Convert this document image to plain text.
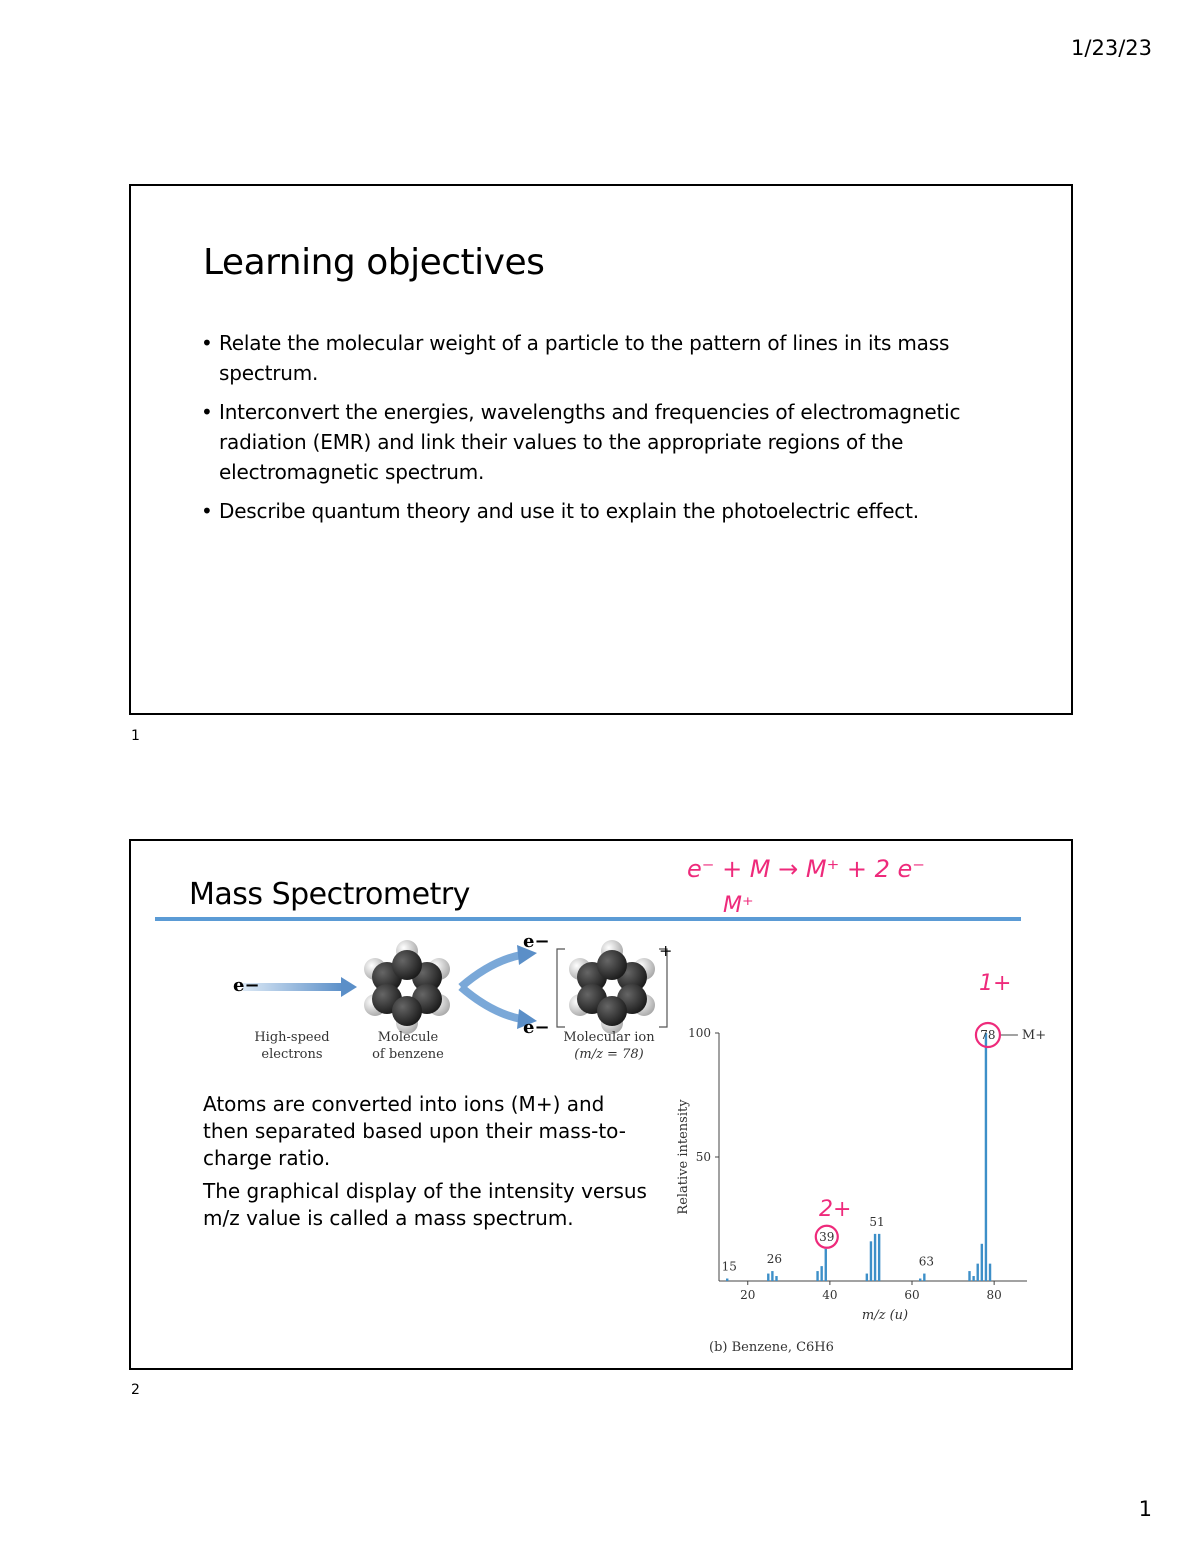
1/23/23
Learning objectives
• Relate the molecular weight of a particle to the pattern of lines in its mass spectrum.
• Interconvert the energies, wavelengths and frequencies of electromagnetic radiation (EMR) and link their values to the appropriate regions of the electromagnetic spectrum.
• Describe quantum theory and use it to explain the photoelectric effect.
1
Mass Spectrometry
e⁻ + M → M⁺ + 2 e⁻
M⁺
1+
2+
e−
e−
e−
+
High-speed
electrons
Molecule
of benzene
Molecular ion
(m/z = 78)

Atoms are converted into ions (M+) and then separated based upon their mass-to-charge ratio.

The graphical display of the intensity versus m/z value is called a mass spectrum.

20	40	60	80
50
100
m/z (u)
Relative intensity
(b) Benzene, C6H6
15
26
39
51
63
78 M+
2
1
